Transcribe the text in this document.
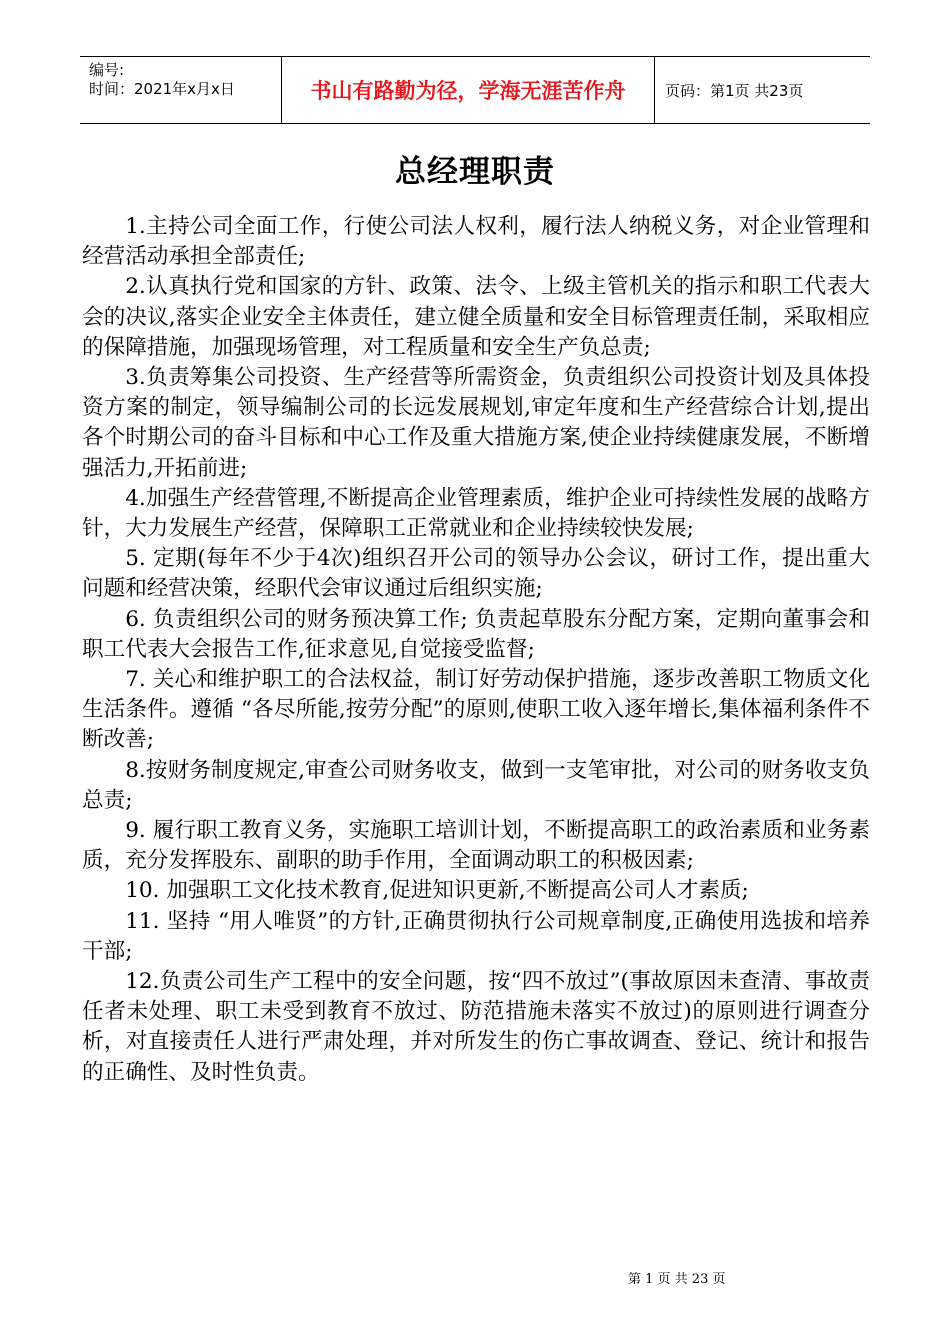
编号:
时间：2021年x月x日	书山有路勤为径，学海无涯苦作舟	页码：第1页 共23页
总经理职责

1.主持公司全面工作，行使公司法人权利，履行法人纳税义务，对企业管理和经营活动承担全部责任;

2.认真执行党和国家的方针、政策、法令、上级主管机关的指示和职工代表大会的决议,落实企业安全主体责任，建立健全质量和安全目标管理责任制，采取相应的保障措施，加强现场管理，对工程质量和安全生产负总责;

3.负责筹集公司投资、生产经营等所需资金，负责组织公司投资计划及具体投资方案的制定，领导编制公司的长远发展规划,审定年度和生产经营综合计划,提出各个时期公司的奋斗目标和中心工作及重大措施方案,使企业持续健康发展，不断增强活力,开拓前进;

4.加强生产经营管理,不断提高企业管理素质，维护企业可持续性发展的战略方针，大力发展生产经营，保障职工正常就业和企业持续较快发展;

5. 定期(每年不少于4次)组织召开公司的领导办公会议，研讨工作，提出重大问题和经营决策，经职代会审议通过后组织实施;

6. 负责组织公司的财务预决算工作; 负责起草股东分配方案，定期向董事会和职工代表大会报告工作,征求意见,自觉接受监督;

7. 关心和维护职工的合法权益，制订好劳动保护措施，逐步改善职工物质文化生活条件。遵循 “各尽所能,按劳分配”的原则,使职工收入逐年增长,集体福利条件不断改善;

8.按财务制度规定,审查公司财务收支，做到一支笔审批，对公司的财务收支负总责;

9. 履行职工教育义务，实施职工培训计划，不断提高职工的政治素质和业务素质，充分发挥股东、副职的助手作用，全面调动职工的积极因素;

10. 加强职工文化技术教育,促进知识更新,不断提高公司人才素质;

11. 坚持 “用人唯贤”的方针,正确贯彻执行公司规章制度,正确使用选拔和培养干部;

12.负责公司生产工程中的安全问题，按“四不放过”(事故原因未查清、事故责任者未处理、职工未受到教育不放过、防范措施未落实不放过)的原则进行调查分析，对直接责任人进行严肃处理，并对所发生的伤亡事故调查、登记、统计和报告的正确性、及时性负责。

第 1 页 共 23 页
